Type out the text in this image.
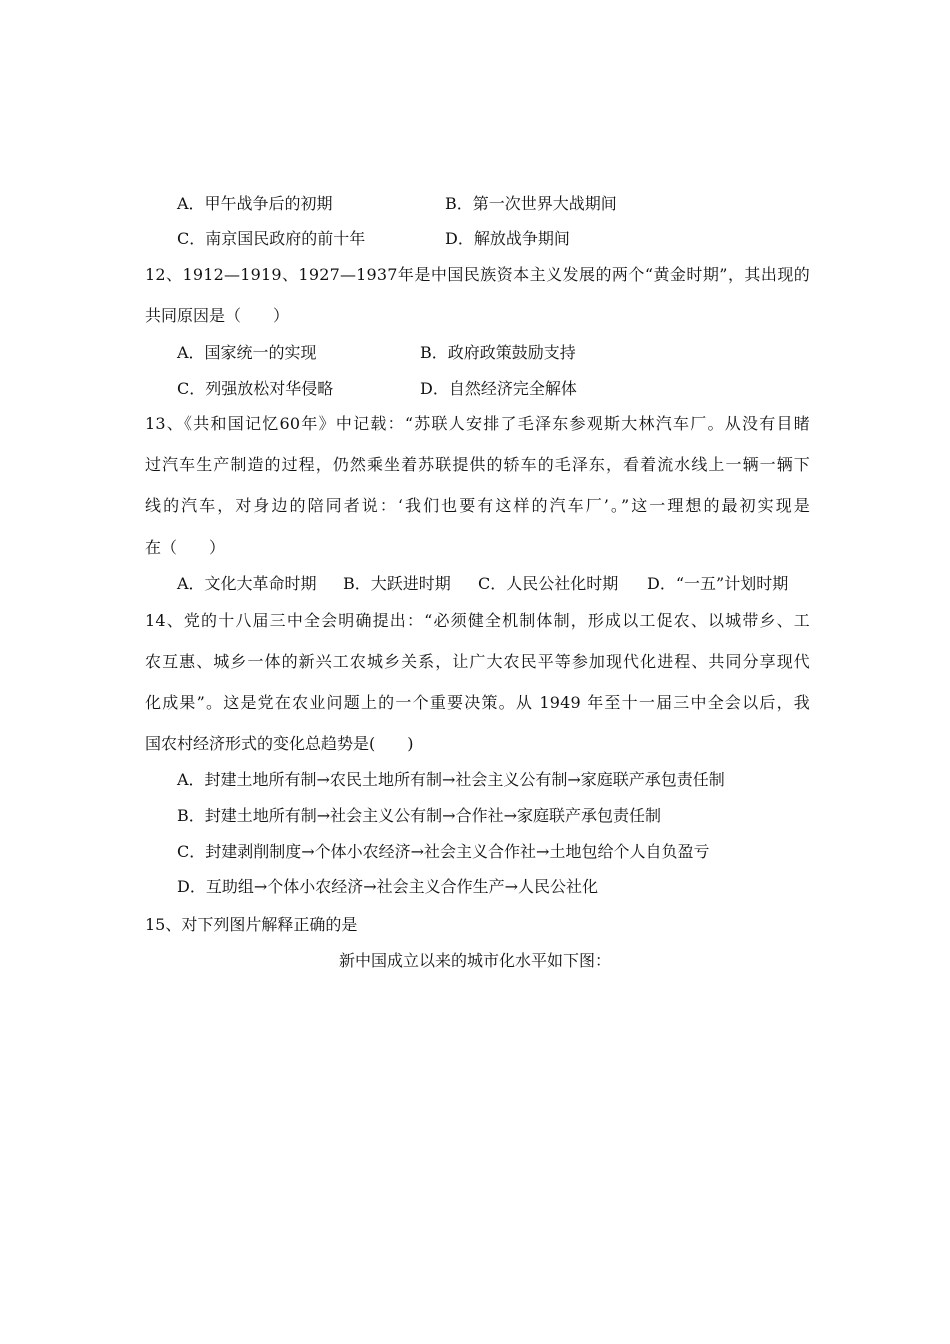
A．甲午战争后的初期	B．第一次世界大战期间
C．南京国民政府的前十年	D．解放战争期间
12、1912—1919、1927—1937年是中国民族资本主义发展的两个“黄金时期”，其出现的
共同原因是（　　）
A．国家统一的实现	B．政府政策鼓励支持
C．列强放松对华侵略	D．自然经济完全解体
13、《共和国记忆60年》中记载：“苏联人安排了毛泽东参观斯大林汽车厂。从没有目睹
过汽车生产制造的过程，仍然乘坐着苏联提供的轿车的毛泽东，看着流水线上一辆一辆下
线的汽车，对身边的陪同者说：‘我们也要有这样的汽车厂’。”这一理想的最初实现是
在（　　）
A．文化大革命时期 B．大跃进时期 C．人民公社化时期 D．“一五”计划时期
14、党的十八届三中全会明确提出：“必须健全机制体制，形成以工促农、以城带乡、工
农互惠、城乡一体的新兴工农城乡关系，让广大农民平等参加现代化进程、共同分享现代
化成果”。这是党在农业问题上的一个重要决策。从 1949 年至十一届三中全会以后，我
国农村经济形式的变化总趋势是(　　)
A．封建土地所有制→农民土地所有制→社会主义公有制→家庭联产承包责任制
B．封建土地所有制→社会主义公有制→合作社→家庭联产承包责任制
C．封建剥削制度→个体小农经济→社会主义合作社→土地包给个人自负盈亏
D．互助组→个体小农经济→社会主义合作生产→人民公社化
15、对下列图片解释正确的是
新中国成立以来的城市化水平如下图：
